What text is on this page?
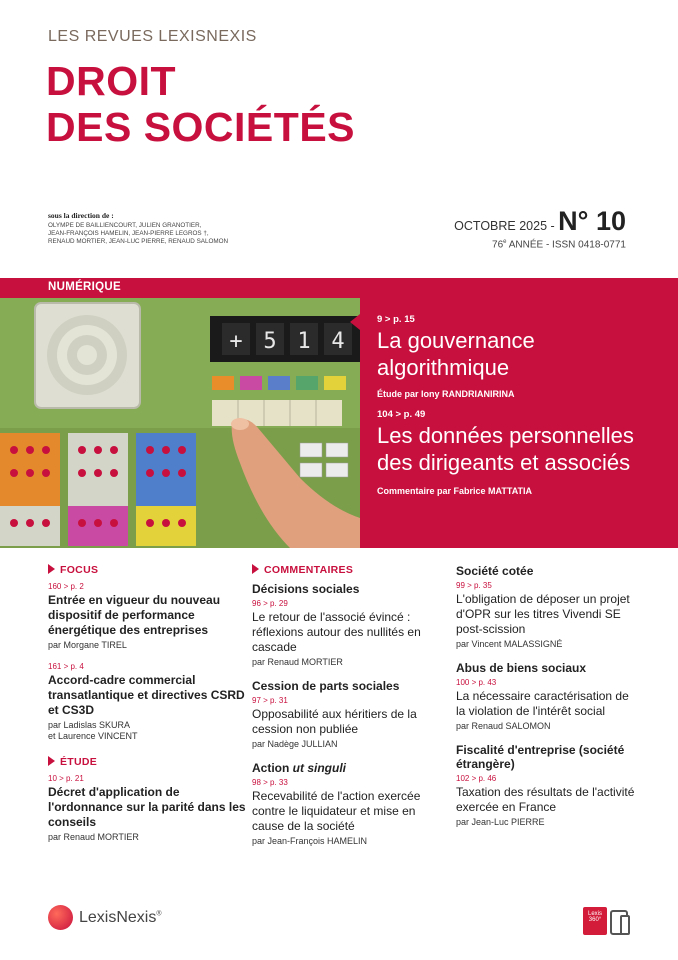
LES REVUES LEXISNEXIS
DROIT
DES SOCIÉTÉS
sous la direction de :
OLYMPE DE BAILLIENCOURT, JULIEN GRANOTIER,
JEAN-FRANÇOIS HAMELIN, JEAN-PIERRE LEGROS †,
RENAUD MORTIER, JEAN-LUC PIERRE, RENAUD SALOMON
OCTOBRE 2025 - N° 10
76e ANNÉE - ISSN 0418-0771
+ 5 1 4
NUMÉRIQUE
9 > p. 15
La gouvernance
algorithmique
Étude par Iony RANDRIANIRINA
104 > p. 49
Les données personnelles
des dirigeants et associés
Commentaire par Fabrice MATTATIA
FOCUS
160 > p. 2
Entrée en vigueur du nouveau dispositif de performance énergétique des entreprises
par Morgane TIREL
161 > p. 4
Accord-cadre commercial transatlantique et directives CSRD et CS3D
par Ladislas SKURA
et Laurence VINCENT
ÉTUDE
10 > p. 21
Décret d'application de l'ordonnance sur la parité dans les conseils
par Renaud MORTIER
COMMENTAIRES
Décisions sociales
96 > p. 29
Le retour de l'associé évincé : réflexions autour des nullités en cascade
par Renaud MORTIER
Cession de parts sociales
97 > p. 31
Opposabilité aux héritiers de la cession non publiée
par Nadège JULLIAN
Action ut singuli
98 > p. 33
Recevabilité de l'action exercée contre le liquidateur et mise en cause de la société
par Jean-François HAMELIN
Société cotée
99 > p. 35
L'obligation de déposer un projet d'OPR sur les titres Vivendi SE post-scission
par Vincent MALASSIGNÉ
Abus de biens sociaux
100 > p. 43
La nécessaire caractérisation de la violation de l'intérêt social
par Renaud SALOMON
Fiscalité d'entreprise (société étrangère)
102 > p. 46
Taxation des résultats de l'activité exercée en France
par Jean-Luc PIERRE
LexisNexis®	Lexis
360°
